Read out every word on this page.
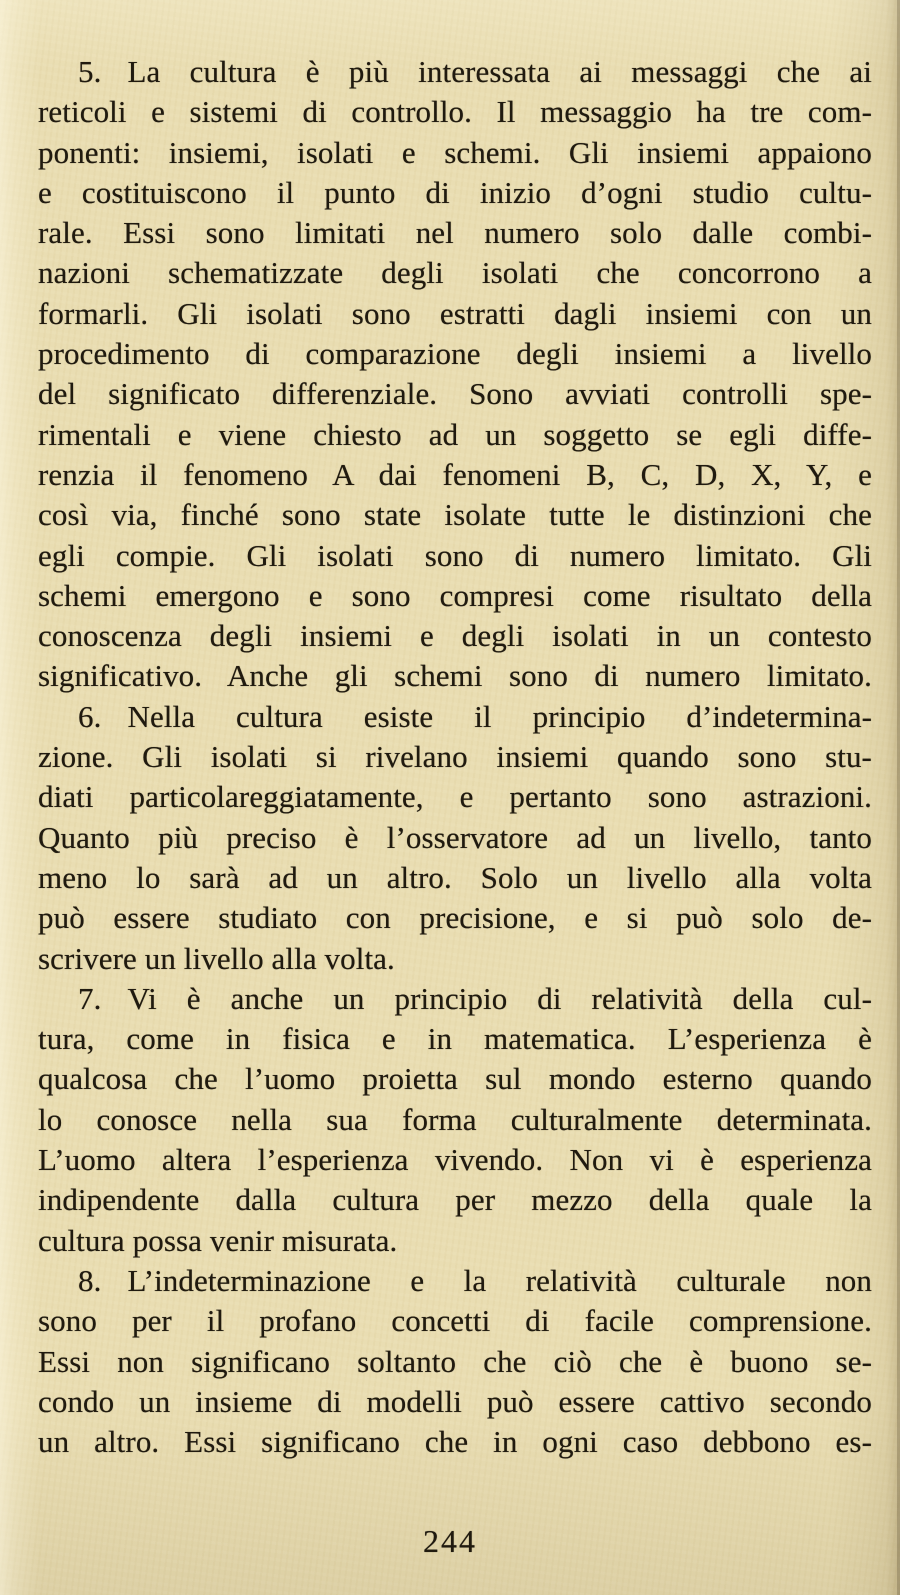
5. La cultura è più interessata ai messaggi che ai
reticoli e sistemi di controllo. Il messaggio ha tre com-
ponenti: insiemi, isolati e schemi. Gli insiemi appaiono
e costituiscono il punto di inizio d’ogni studio cultu-
rale. Essi sono limitati nel numero solo dalle combi-
nazioni schematizzate degli isolati che concorrono a
formarli. Gli isolati sono estratti dagli insiemi con un
procedimento di comparazione degli insiemi a livello
del significato differenziale. Sono avviati controlli spe-
rimentali e viene chiesto ad un soggetto se egli diffe-
renzia il fenomeno A dai fenomeni B, C, D, X, Y, e
così via, finché sono state isolate tutte le distinzioni che
egli compie. Gli isolati sono di numero limitato. Gli
schemi emergono e sono compresi come risultato della
conoscenza degli insiemi e degli isolati in un contesto
significativo. Anche gli schemi sono di numero limitato.
6. Nella cultura esiste il principio d’indetermina-
zione. Gli isolati si rivelano insiemi quando sono stu-
diati particolareggiatamente, e pertanto sono astrazioni.
Quanto più preciso è l’osservatore ad un livello, tanto
meno lo sarà ad un altro. Solo un livello alla volta
può essere studiato con precisione, e si può solo de-
scrivere un livello alla volta.
7. Vi è anche un principio di relatività della cul-
tura, come in fisica e in matematica. L’esperienza è
qualcosa che l’uomo proietta sul mondo esterno quando
lo conosce nella sua forma culturalmente determinata.
L’uomo altera l’esperienza vivendo. Non vi è esperienza
indipendente dalla cultura per mezzo della quale la
cultura possa venir misurata.
8. L’indeterminazione e la relatività culturale non
sono per il profano concetti di facile comprensione.
Essi non significano soltanto che ciò che è buono se-
condo un insieme di modelli può essere cattivo secondo
un altro. Essi significano che in ogni caso debbono es-
244
